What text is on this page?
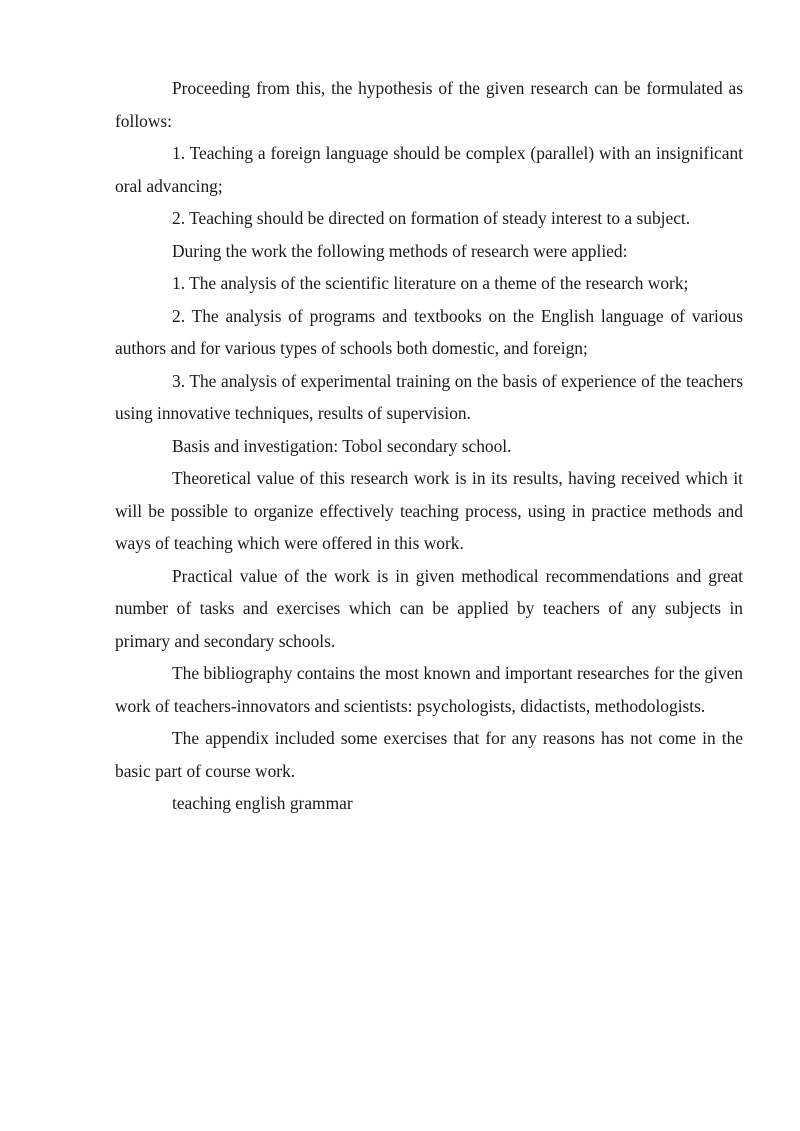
Proceeding from this, the hypothesis of the given research can be formulated as follows:

1. Teaching a foreign language should be complex (parallel) with an insignificant oral advancing;

2. Teaching should be directed on formation of steady interest to a subject.

During the work the following methods of research were applied:

1. The analysis of the scientific literature on a theme of the research work;

2. The analysis of programs and textbooks on the English language of various authors and for various types of schools both domestic, and foreign;

3. The analysis of experimental training on the basis of experience of the teachers using innovative techniques, results of supervision.

Basis and investigation: Tobol secondary school.

Theoretical value of this research work is in its results, having received which it will be possible to organize effectively teaching process, using in practice methods and ways of teaching which were offered in this work.

Practical value of the work is in given methodical recommendations and great number of tasks and exercises which can be applied by teachers of any subjects in primary and secondary schools.

The bibliography contains the most known and important researches for the given work of teachers-innovators and scientists: psychologists, didactists, methodologists.

The appendix included some exercises that for any reasons has not come in the basic part of course work.

teaching english grammar
